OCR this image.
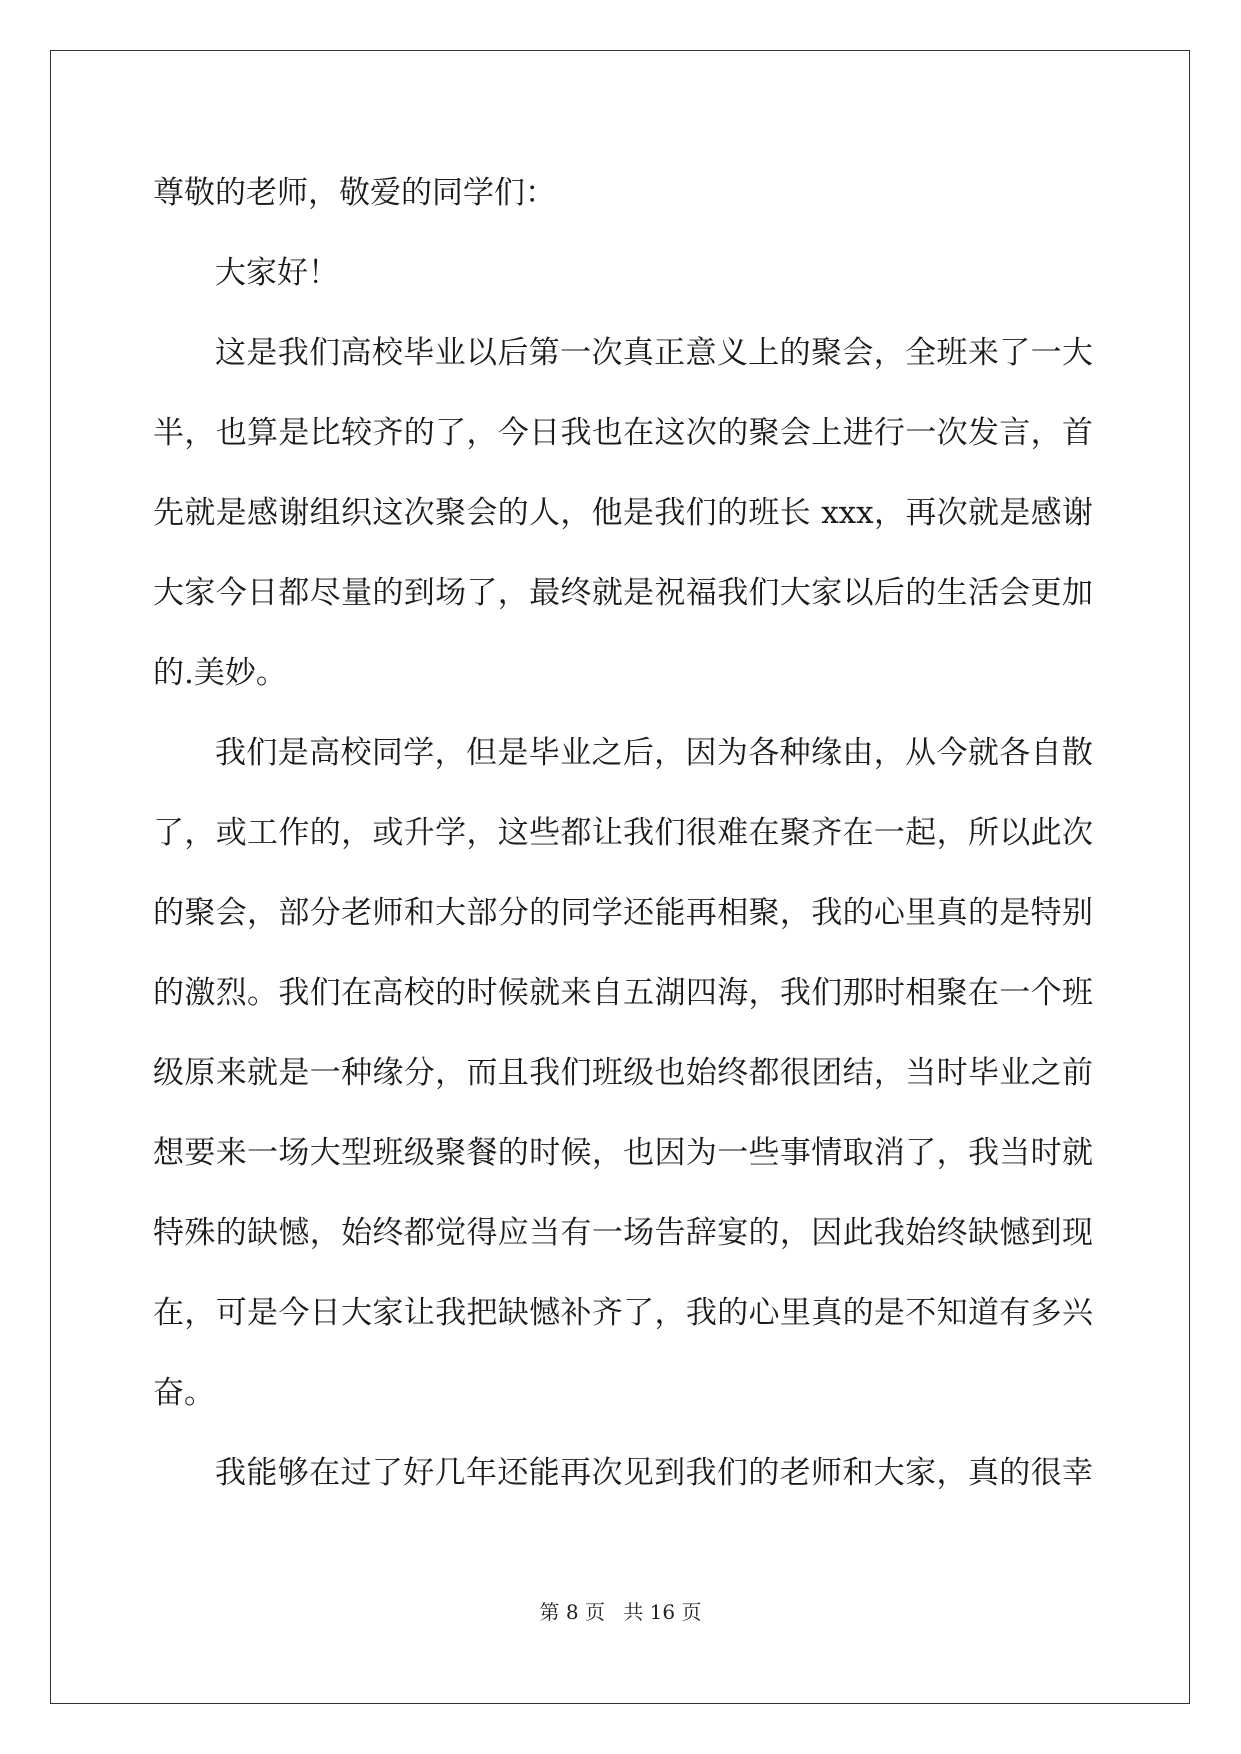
尊敬的老师，敬爱的同学们：
大家好！
这是我们高校毕业以后第一次真正意义上的聚会，全班来了一大
半，也算是比较齐的了，今日我也在这次的聚会上进行一次发言，首
先就是感谢组织这次聚会的人，他是我们的班长 xxx，再次就是感谢
大家今日都尽量的到场了，最终就是祝福我们大家以后的生活会更加
的.美妙。
我们是高校同学，但是毕业之后，因为各种缘由，从今就各自散
了，或工作的，或升学，这些都让我们很难在聚齐在一起，所以此次
的聚会，部分老师和大部分的同学还能再相聚，我的心里真的是特别
的激烈。我们在高校的时候就来自五湖四海，我们那时相聚在一个班
级原来就是一种缘分，而且我们班级也始终都很团结，当时毕业之前
想要来一场大型班级聚餐的时候，也因为一些事情取消了，我当时就
特殊的缺憾，始终都觉得应当有一场告辞宴的，因此我始终缺憾到现
在，可是今日大家让我把缺憾补齐了，我的心里真的是不知道有多兴
奋。
我能够在过了好几年还能再次见到我们的老师和大家，真的很幸
第 8 页 共 16 页
